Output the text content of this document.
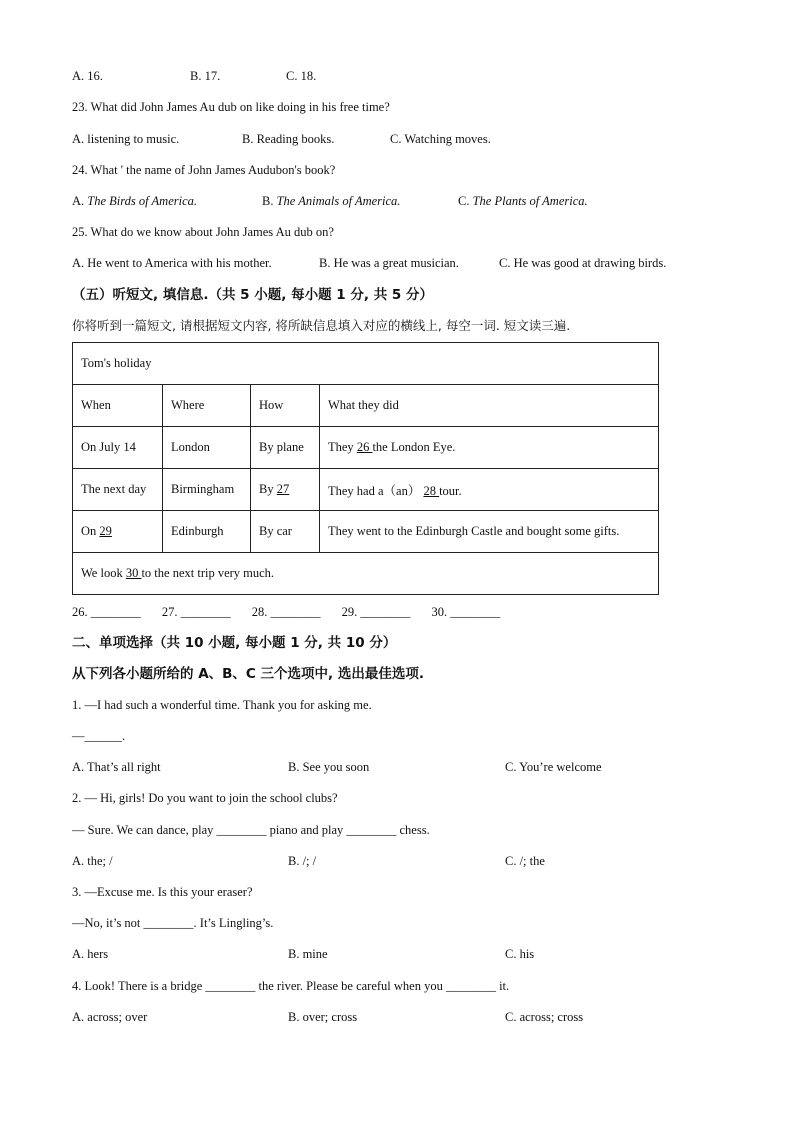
A. 16.	B. 17.	C. 18.
23. What did John James Au dub on like doing in his free time?
A. listening to music.	B. Reading books.	C. Watching moves.
24. What ' the name of John James Audubon's book?
A. The Birds of America.	B. The Animals of America.	C. The Plants of America.
25. What do we know about John James Au dub on?
A. He went to America with his mother.	B. He was a great musician.	C. He was good at drawing birds.
（五）听短文, 填信息.（共 5 小题, 每小题 1 分, 共 5 分）
你将听到一篇短文, 请根据短文内容, 将所缺信息填入对应的横线上, 每空一词. 短文读三遍.
Tom's holiday			
When	Where	How	What they did
On July 14	London	By plane	They 26 the London Eye.
The next day	Birmingham	By 27	They had a（an） 28 tour.
On 29	Edinburgh	By car	They went to the Edinburgh Castle and bought some gifts.
We look 30 to the next trip very much.			
26. ________ 27. ________ 28. ________ 29. ________ 30. ________
二、单项选择（共 10 小题, 每小题 1 分, 共 10 分）
从下列各小题所给的 A、B、C 三个选项中, 选出最佳选项.
1. —I had such a wonderful time. Thank you for asking me.
—______.
A. That’s all right	B. See you soon	C. You’re welcome
2. — Hi, girls! Do you want to join the school clubs?
— Sure. We can dance, play ________ piano and play ________ chess.
A. the; /	B. /; /	C. /; the
3. —Excuse me. Is this your eraser?
—No, it’s not ________. It’s Lingling’s.
A. hers	B. mine	C. his
4. Look! There is a bridge ________ the river. Please be careful when you ________ it.
A. across; over	B. over; cross	C. across; cross
